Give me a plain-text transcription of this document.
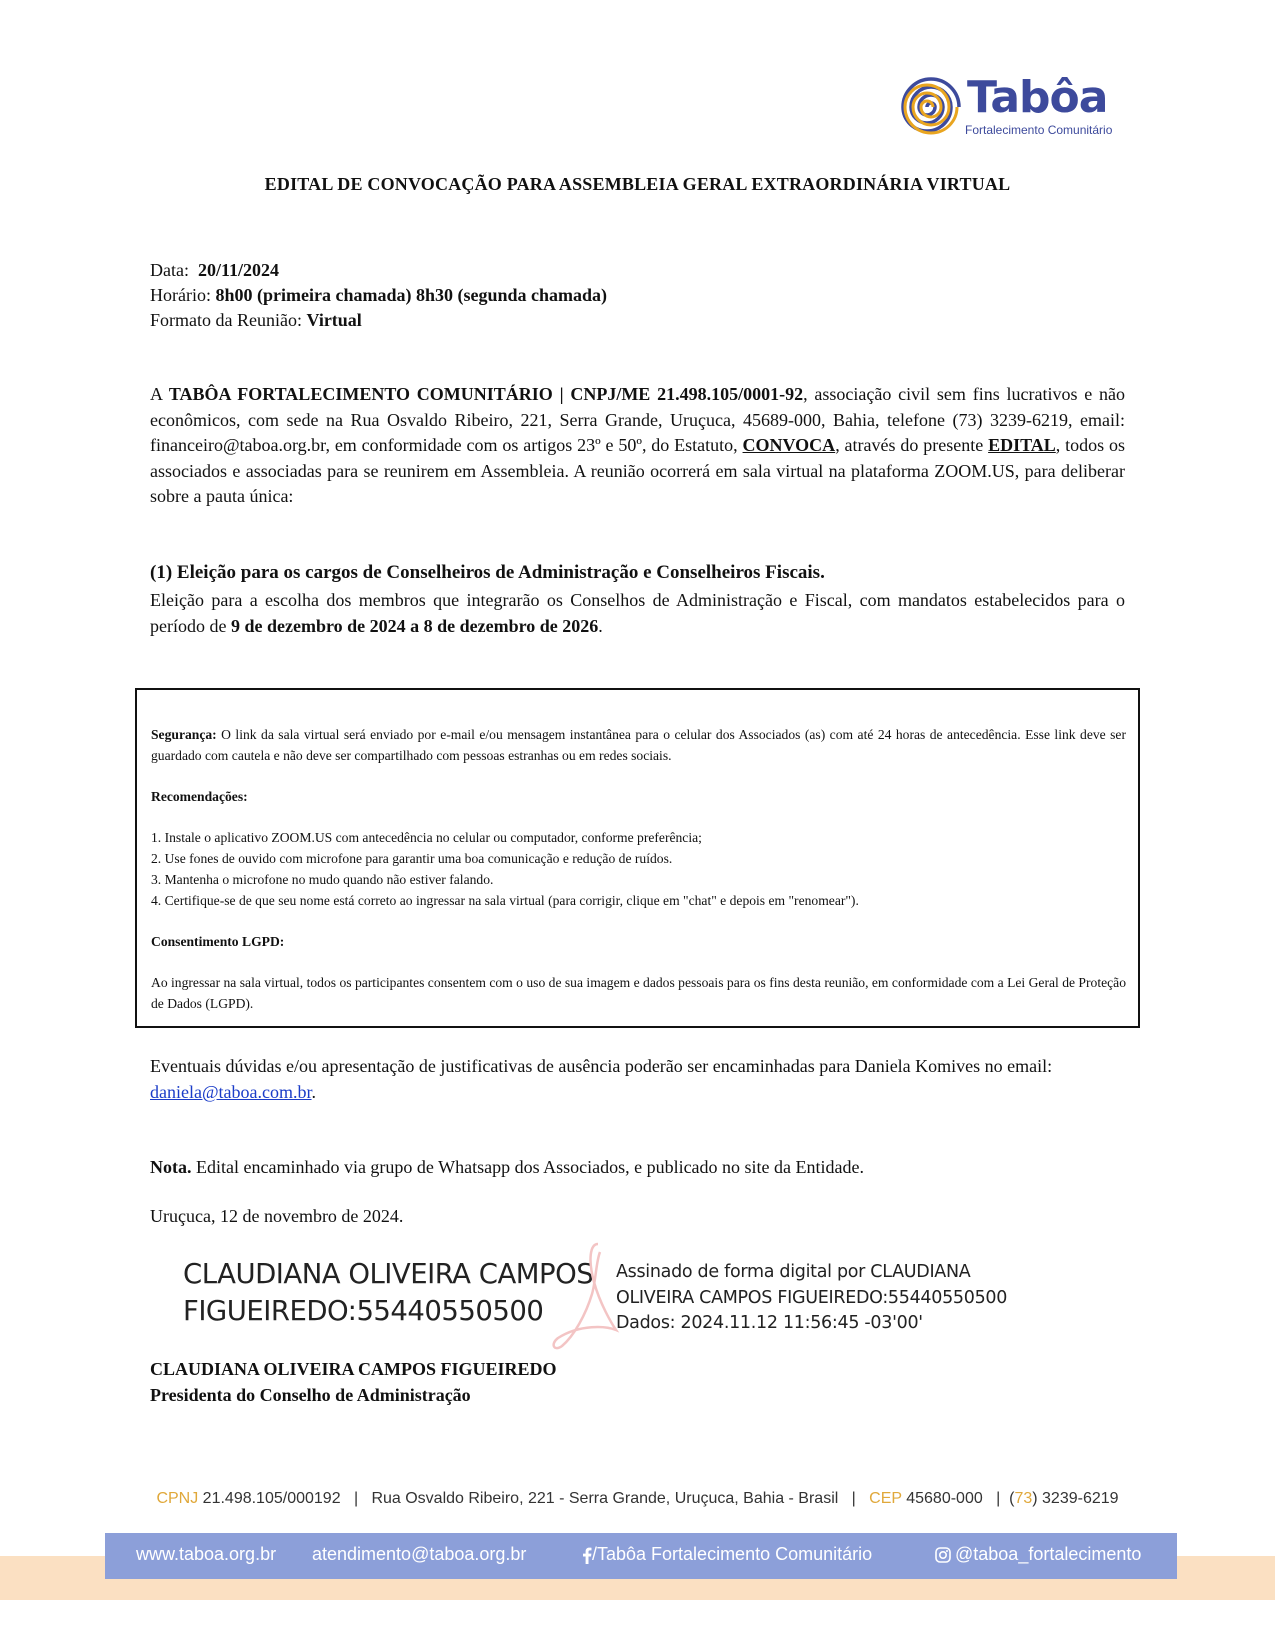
Tabôa
Fortalecimento Comunitário
EDITAL DE CONVOCAÇÃO PARA ASSEMBLEIA GERAL EXTRAORDINÁRIA VIRTUAL
Data: 20/11/2024
Horário: 8h00 (primeira chamada) 8h30 (segunda chamada)
Formato da Reunião: Virtual
A TABÔA FORTALECIMENTO COMUNITÁRIO | CNPJ/ME 21.498.105/0001-92, associação civil sem fins lucrativos e não econômicos, com sede na Rua Osvaldo Ribeiro, 221, Serra Grande, Uruçuca, 45689-000, Bahia, telefone (73) 3239-6219, email: financeiro@taboa.org.br, em conformidade com os artigos 23º e 50º, do Estatuto, CONVOCA, através do presente EDITAL, todos os associados e associadas para se reunirem em Assembleia. A reunião ocorrerá em sala virtual na plataforma ZOOM.US, para deliberar sobre a pauta única:
(1) Eleição para os cargos de Conselheiros de Administração e Conselheiros Fiscais.
Eleição para a escolha dos membros que integrarão os Conselhos de Administração e Fiscal, com mandatos estabelecidos para o período de 9 de dezembro de 2024 a 8 de dezembro de 2026.
Segurança: O link da sala virtual será enviado por e-mail e/ou mensagem instantânea para o celular dos Associados (as) com até 24 horas de antecedência. Esse link deve ser guardado com cautela e não deve ser compartilhado com pessoas estranhas ou em redes sociais.
Recomendações:
1. Instale o aplicativo ZOOM.US com antecedência no celular ou computador, conforme preferência;
2. Use fones de ouvido com microfone para garantir uma boa comunicação e redução de ruídos.
3. Mantenha o microfone no mudo quando não estiver falando.
4. Certifique-se de que seu nome está correto ao ingressar na sala virtual (para corrigir, clique em "chat" e depois em "renomear").
Consentimento LGPD:
Ao ingressar na sala virtual, todos os participantes consentem com o uso de sua imagem e dados pessoais para os fins desta reunião, em conformidade com a Lei Geral de Proteção de Dados (LGPD).
Eventuais dúvidas e/ou apresentação de justificativas de ausência poderão ser encaminhadas para Daniela Komives no email: daniela@taboa.com.br.
Nota. Edital encaminhado via grupo de Whatsapp dos Associados, e publicado no site da Entidade.
Uruçuca, 12 de novembro de 2024.
CLAUDIANA OLIVEIRA CAMPOS
FIGUEIREDO:55440550500
Assinado de forma digital por CLAUDIANA
OLIVEIRA CAMPOS FIGUEIREDO:55440550500
Dados: 2024.11.12 11:56:45 -03'00'
CLAUDIANA OLIVEIRA CAMPOS FIGUEIREDO
Presidenta do Conselho de Administração
CPNJ 21.498.105/000192 | Rua Osvaldo Ribeiro, 221 - Serra Grande, Uruçuca, Bahia - Brasil | CEP 45680-000 | (73) 3239-6219
www.taboa.org.br atendimento@taboa.org.br	/Tabôa Fortalecimento Comunitário	@taboa_fortalecimento
